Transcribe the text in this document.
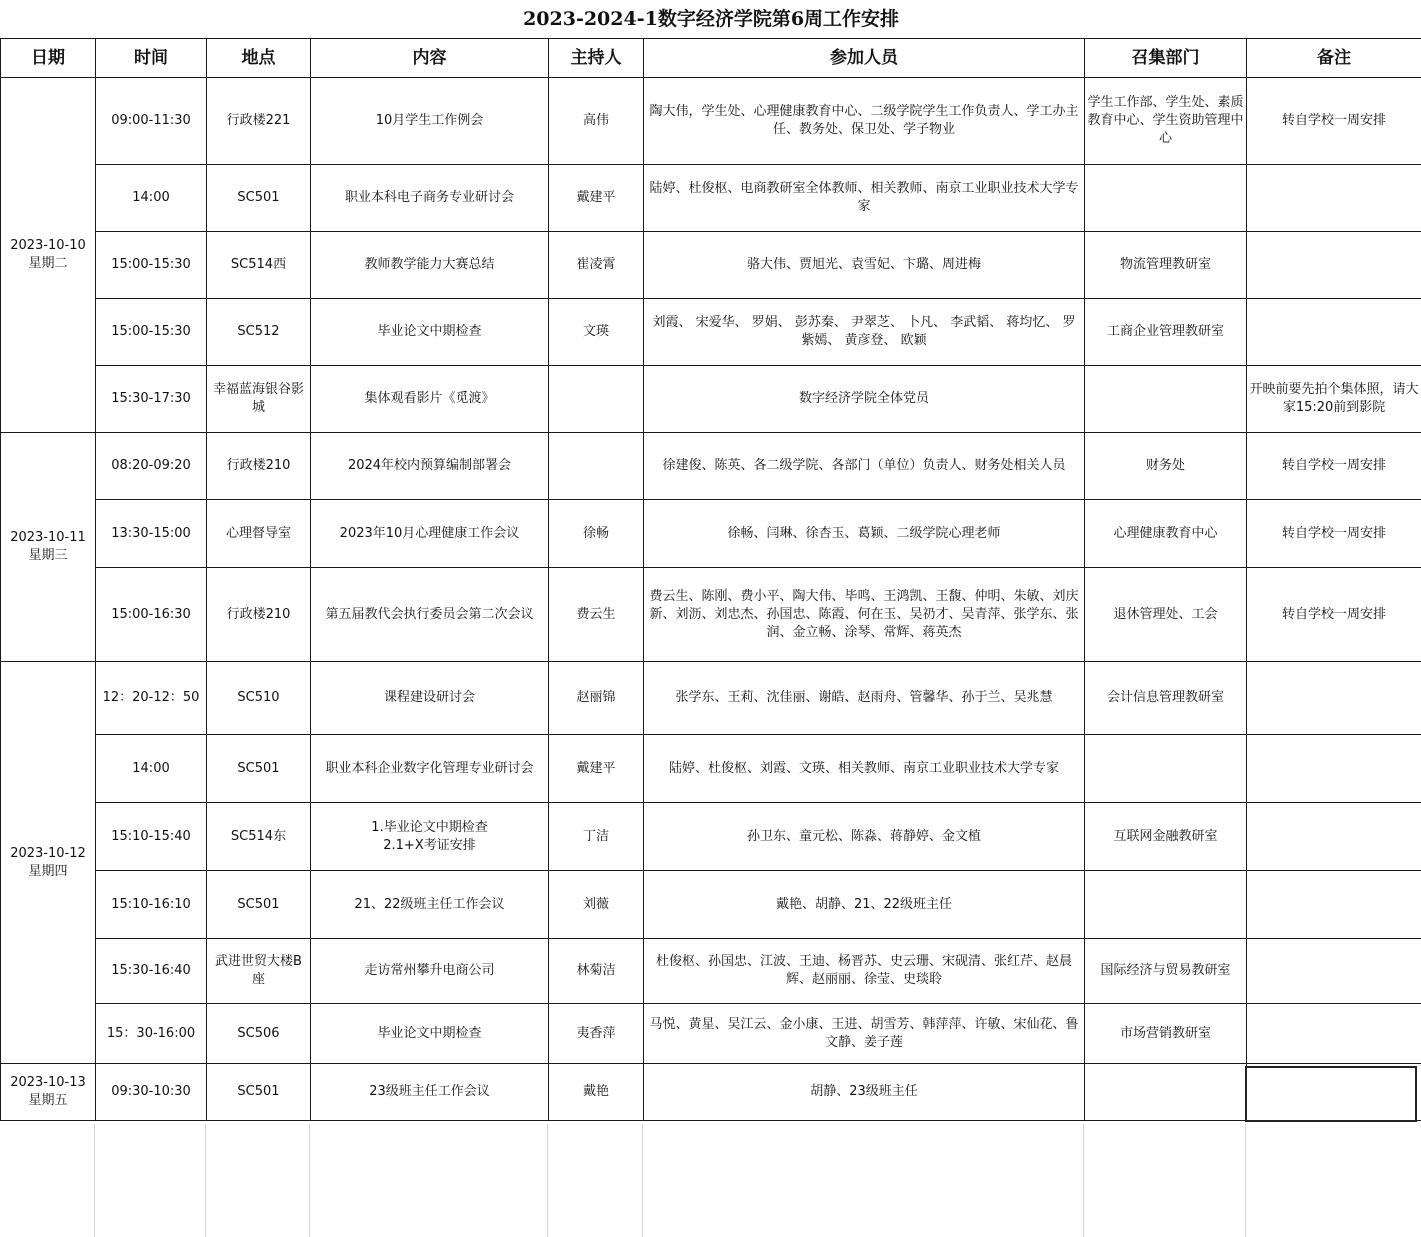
2023-2024-1数字经济学院第6周工作安排							
日期	时间	地点	内容	主持人	参加人员	召集部门	备注

2023-10-10
星期二	09:00-11:30	行政楼221	10月学生工作例会	高伟	陶大伟，学生处、心理健康教育中心、二级学院学生工作负责人、学工办主任、教务处、保卫处、学子物业	学生工作部、学生处、素质教育中心、学生资助管理中心	转自学校一周安排
	14:00	SC501	职业本科电子商务专业研讨会	戴建平	陆婷、杜俊枢、电商教研室全体教师、相关教师、南京工业职业技术大学专家		
	15:00-15:30	SC514西	教师教学能力大赛总结	崔凌霄	骆大伟、贾旭光、袁雪妃、卞璐、周进梅	物流管理教研室	
	15:00-15:30	SC512	毕业论文中期检查	文瑛	刘霞、 宋爱华、 罗娟、 彭苏秦、 尹翠芝、 卜凡、 李武韬、 蒋均忆、 罗紫嫣、 黄彦登、 欧颖	工商企业管理教研室	
	15:30-17:30	幸福蓝海银谷影城	集体观看影片《觅渡》		数字经济学院全体党员		开映前要先拍个集体照，请大家15:20前到影院

2023-10-11
星期三	08:20-09:20	行政楼210	2024年校内预算编制部署会		徐建俊、陈英、各二级学院、各部门（单位）负责人、财务处相关人员	财务处	转自学校一周安排
	13:30-15:00	心理督导室	2023年10月心理健康工作会议	徐畅	徐畅、闫琳、徐杏玉、葛颖、二级学院心理老师	心理健康教育中心	转自学校一周安排
	15:00-16:30	行政楼210	第五届教代会执行委员会第二次会议	费云生	费云生、陈刚、费小平、陶大伟、毕鸣、王鸿凯、王馥、仲明、朱敏、刘庆新、刘沥、刘忠杰、孙国忠、陈霞、何在玉、吴礽才、吴青萍、张学东、张润、金立畅、涂琴、常辉、蒋英杰	退休管理处、工会	转自学校一周安排

2023-10-12
星期四	12：20-12：50	SC510	课程建设研讨会	赵丽锦	张学东、王莉、沈佳丽、谢皓、赵雨舟、管馨华、孙于兰、吴兆慧	会计信息管理教研室	
	14:00	SC501	职业本科企业数字化管理专业研讨会	戴建平	陆婷、杜俊枢、刘霞、文瑛、相关教师、南京工业职业技术大学专家		
	15:10-15:40	SC514东	1.毕业论文中期检查
2.1+X考证安排	丁洁	孙卫东、童元松、陈淼、蒋静婷、金文植	互联网金融教研室	
	15:10-16:10	SC501	21、22级班主任工作会议	刘薇	戴艳、胡静、21、22级班主任		
	15:30-16:40	武进世贸大楼B座	走访常州攀升电商公司	林菊洁	杜俊枢、孙国忠、江波、王迪、杨晋苏、史云珊、宋砚清、张红芹、赵晨辉、赵丽丽、徐莹、史琰聆	国际经济与贸易教研室	
	15：30-16:00	SC506	毕业论文中期检查	夷香萍	马悦、黄星、吴江云、金小康、王进、胡雪芳、韩萍萍、许敏、宋仙花、鲁文静、姜子莲	市场营销教研室	

2023-10-13
星期五	09:30-10:30	SC501	23级班主任工作会议	戴艳	胡静、23级班主任		
